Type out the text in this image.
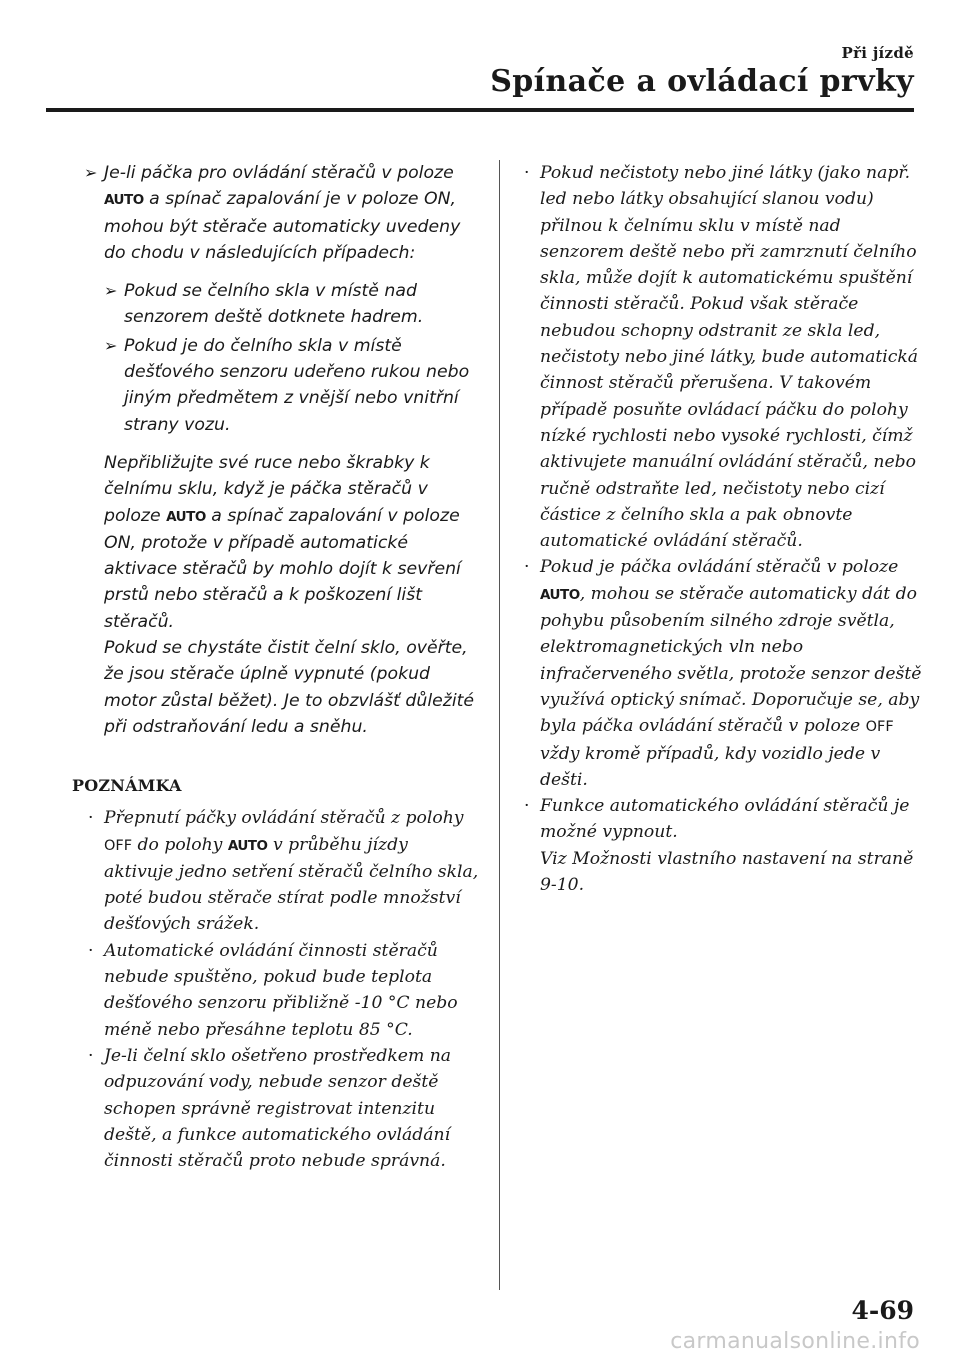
Při jízdě
Spínače a ovládací prvky
➢ Je-li páčka pro ovládání stěračů v poloze AUTO a spínač zapalování je v poloze ON, mohou být stěrače automaticky uvedeny do chodu v následujících případech:
➢ Pokud se čelního skla v místě nad senzorem deště dotknete hadrem.
➢ Pokud je do čelního skla v místě dešťového senzoru udeřeno rukou nebo jiným předmětem z vnější nebo vnitřní strany vozu.
Nepřibližujte své ruce nebo škrabky k čelnímu sklu, když je páčka stěračů v poloze AUTO a spínač zapalování v poloze ON, protože v případě automatické aktivace stěračů by mohlo dojít k sevření prstů nebo stěračů a k poškození lišt stěračů.
Pokud se chystáte čistit čelní sklo, ověřte, že jsou stěrače úplně vypnuté (pokud motor zůstal běžet). Je to obzvlášť důležité při odstraňování ledu a sněhu.
POZNÁMKA
· Přepnutí páčky ovládání stěračů z polohy OFF do polohy AUTO v průběhu jízdy aktivuje jedno setření stěračů čelního skla, poté budou stěrače stírat podle množství dešťových srážek.
· Automatické ovládání činnosti stěračů nebude spuštěno, pokud bude teplota dešťového senzoru přibližně -10 °C nebo méně nebo přesáhne teplotu 85 °C.
· Je-li čelní sklo ošetřeno prostředkem na odpuzování vody, nebude senzor deště schopen správně registrovat intenzitu deště, a funkce automatického ovládání činnosti stěračů proto nebude správná.
· Pokud nečistoty nebo jiné látky (jako např. led nebo látky obsahující slanou vodu) přilnou k čelnímu sklu v místě nad senzorem deště nebo při zamrznutí čelního skla, může dojít k automatickému spuštění činnosti stěračů. Pokud však stěrače nebudou schopny odstranit ze skla led, nečistoty nebo jiné látky, bude automatická činnost stěračů přerušena. V takovém případě posuňte ovládací páčku do polohy nízké rychlosti nebo vysoké rychlosti, čímž aktivujete manuální ovládání stěračů, nebo ručně odstraňte led, nečistoty nebo cizí částice z čelního skla a pak obnovte automatické ovládání stěračů.
· Pokud je páčka ovládání stěračů v poloze AUTO, mohou se stěrače automaticky dát do pohybu působením silného zdroje světla, elektromagnetických vln nebo infračerveného světla, protože senzor deště využívá optický snímač. Doporučuje se, aby byla páčka ovládání stěračů v poloze OFF vždy kromě případů, kdy vozidlo jede v dešti.
· Funkce automatického ovládání stěračů je možné vypnout.
Viz Možnosti vlastního nastavení na straně 9-10.
4-69
carmanualsonline.info
